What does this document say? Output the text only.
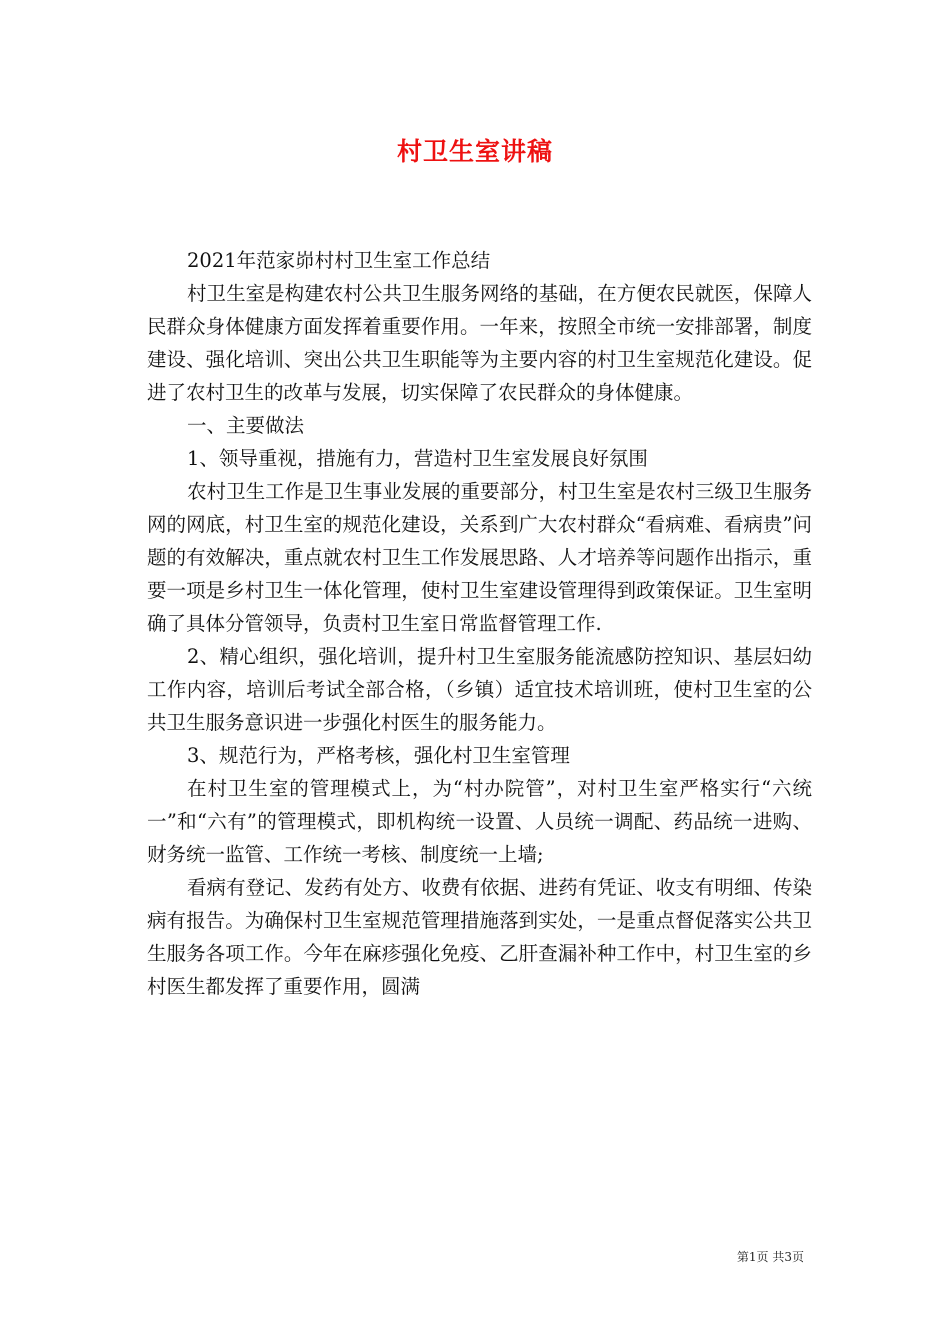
村卫生室讲稿

2021年范家峁村村卫生室工作总结

村卫生室是构建农村公共卫生服务网络的基础，在方便农民就医，保障人民群众身体健康方面发挥着重要作用。一年来，按照全市统一安排部署，制度建设、强化培训、突出公共卫生职能等为主要内容的村卫生室规范化建设。促进了农村卫生的改革与发展，切实保障了农民群众的身体健康。

一、主要做法

1、领导重视，措施有力，营造村卫生室发展良好氛围

农村卫生工作是卫生事业发展的重要部分，村卫生室是农村三级卫生服务网的网底，村卫生室的规范化建设，关系到广大农村群众“看病难、看病贵”问题的有效解决，重点就农村卫生工作发展思路、人才培养等问题作出指示，重要一项是乡村卫生一体化管理，使村卫生室建设管理得到政策保证。卫生室明确了具体分管领导，负责村卫生室日常监督管理工作.

2、精心组织，强化培训，提升村卫生室服务能流感防控知识、基层妇幼工作内容，培训后考试全部合格，（乡镇）适宜技术培训班，使村卫生室的公共卫生服务意识进一步强化村医生的服务能力。

3、规范行为，严格考核，强化村卫生室管理

在村卫生室的管理模式上，为“村办院管”，对村卫生室严格实行“六统一”和“六有”的管理模式，即机构统一设置、人员统一调配、药品统一进购、财务统一监管、工作统一考核、制度统一上墙;

看病有登记、发药有处方、收费有依据、进药有凭证、收支有明细、传染病有报告。为确保村卫生室规范管理措施落到实处，一是重点督促落实公共卫生服务各项工作。今年在麻疹强化免疫、乙肝查漏补种工作中，村卫生室的乡村医生都发挥了重要作用，圆满

第1页 共3页
